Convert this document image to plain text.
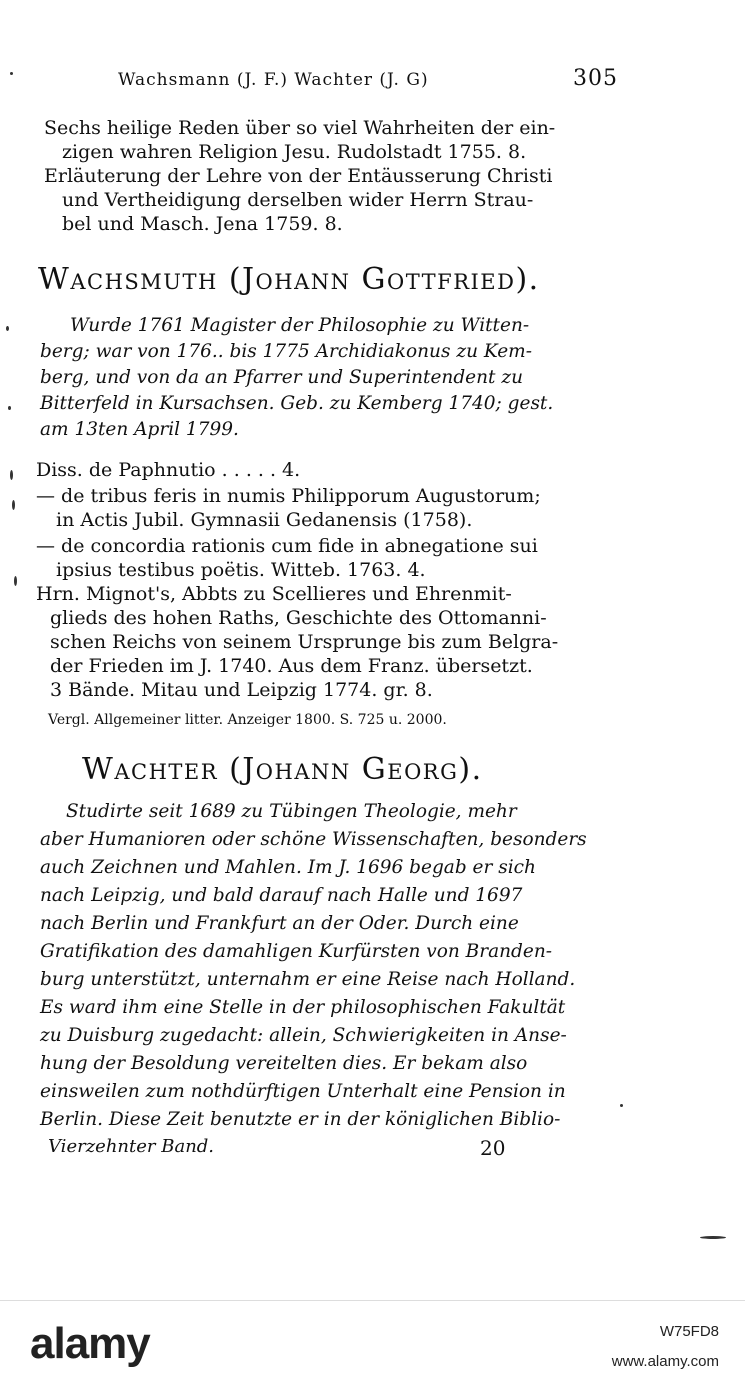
Wachsmann (J. F.) Wachter (J. G)	305
Sechs heilige Reden über so viel Wahrheiten der ein-
zigen wahren Religion Jesu. Rudolstadt 1755. 8.
Erläuterung der Lehre von der Entäusserung Christi
und Vertheidigung derselben wider Herrn Strau-
bel und Masch. Jena 1759. 8.
Wachsmuth (Johann Gottfried).
Wurde 1761 Magister der Philosophie zu Witten-
berg; war von 176.. bis 1775 Archidiakonus zu Kem-
berg, und von da an Pfarrer und Superintendent zu
Bitterfeld in Kursachsen. Geb. zu Kemberg 1740; gest.
am 13ten April 1799.
Diss. de Paphnutio . . . . . 4.
— de tribus feris in numis Philipporum Augustorum;
in Actis Jubil. Gymnasii Gedanensis (1758).
— de concordia rationis cum fide in abnegatione sui
ipsius testibus poëtis. Witteb. 1763. 4.
Hrn. Mignot's, Abbts zu Scellieres und Ehrenmit-
glieds des hohen Raths, Geschichte des Ottomanni-
schen Reichs von seinem Ursprunge bis zum Belgra-
der Frieden im J. 1740. Aus dem Franz. übersetzt.
3 Bände. Mitau und Leipzig 1774. gr. 8.
Vergl. Allgemeiner litter. Anzeiger 1800. S. 725 u. 2000.
Wachter (Johann Georg).
Studirte seit 1689 zu Tübingen Theologie, mehr
aber Humanioren oder schöne Wissenschaften, besonders
auch Zeichnen und Mahlen. Im J. 1696 begab er sich
nach Leipzig, und bald darauf nach Halle und 1697
nach Berlin und Frankfurt an der Oder. Durch eine
Gratifikation des damahligen Kurfürsten von Branden-
burg unterstützt, unternahm er eine Reise nach Holland.
Es ward ihm eine Stelle in der philosophischen Fakultät
zu Duisburg zugedacht: allein, Schwierigkeiten in Anse-
hung der Besoldung vereitelten dies. Er bekam also
einsweilen zum nothdürftigen Unterhalt eine Pension in
Berlin. Diese Zeit benutzte er in der königlichen Biblio-
Vierzehnter Band.	20
alamy	W75FD8
www.alamy.com
